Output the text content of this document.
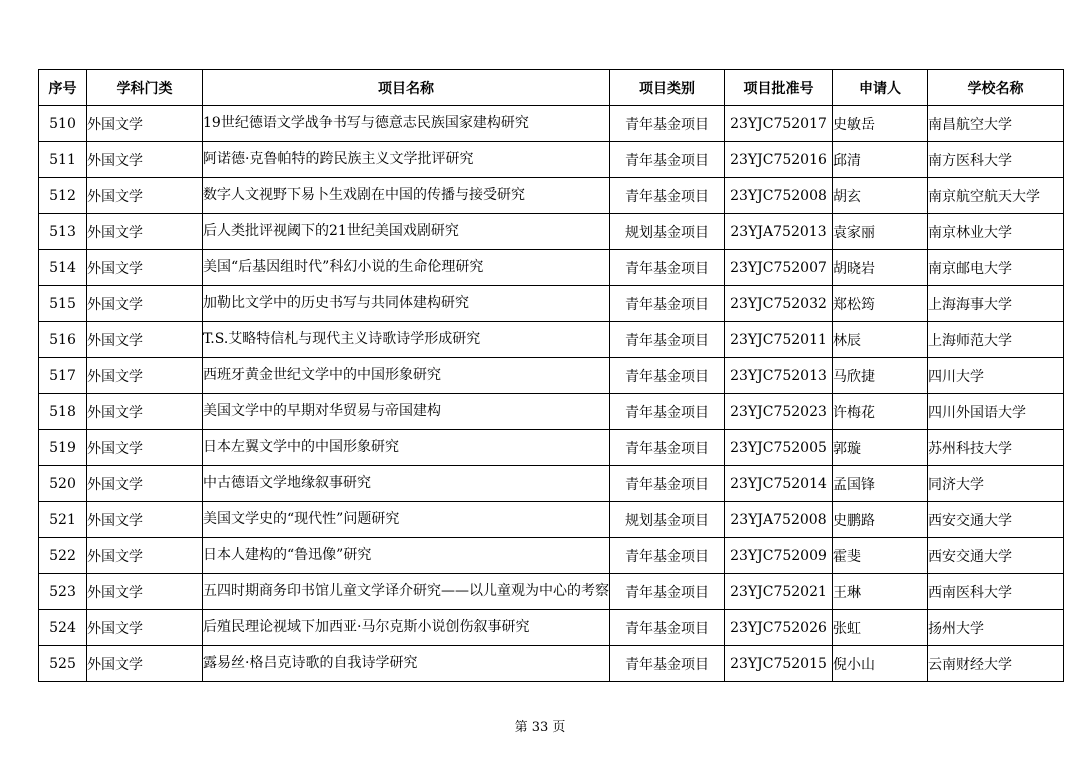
序号	学科门类	项目名称	项目类别	项目批准号	申请人	学校名称
510	外国文学	19世纪德语文学战争书写与德意志民族国家建构研究	青年基金项目	23YJC752017	史敏岳	南昌航空大学
511	外国文学	阿诺德·克鲁帕特的跨民族主义文学批评研究	青年基金项目	23YJC752016	邱清	南方医科大学
512	外国文学	数字人文视野下易卜生戏剧在中国的传播与接受研究	青年基金项目	23YJC752008	胡玄	南京航空航天大学
513	外国文学	后人类批评视阈下的21世纪美国戏剧研究	规划基金项目	23YJA752013	袁家丽	南京林业大学
514	外国文学	美国“后基因组时代”科幻小说的生命伦理研究	青年基金项目	23YJC752007	胡晓岩	南京邮电大学
515	外国文学	加勒比文学中的历史书写与共同体建构研究	青年基金项目	23YJC752032	郑松筠	上海海事大学
516	外国文学	T.S.艾略特信札与现代主义诗歌诗学形成研究	青年基金项目	23YJC752011	林辰	上海师范大学
517	外国文学	西班牙黄金世纪文学中的中国形象研究	青年基金项目	23YJC752013	马欣捷	四川大学
518	外国文学	美国文学中的早期对华贸易与帝国建构	青年基金项目	23YJC752023	许梅花	四川外国语大学
519	外国文学	日本左翼文学中的中国形象研究	青年基金项目	23YJC752005	郭璇	苏州科技大学
520	外国文学	中古德语文学地缘叙事研究	青年基金项目	23YJC752014	孟国锋	同济大学
521	外国文学	美国文学史的“现代性”问题研究	规划基金项目	23YJA752008	史鹏路	西安交通大学
522	外国文学	日本人建构的“鲁迅像”研究	青年基金项目	23YJC752009	霍斐	西安交通大学
523	外国文学	五四时期商务印书馆儿童文学译介研究——以儿童观为中心的考察	青年基金项目	23YJC752021	王琳	西南医科大学
524	外国文学	后殖民理论视域下加西亚·马尔克斯小说创伤叙事研究	青年基金项目	23YJC752026	张虹	扬州大学
525	外国文学	露易丝·格吕克诗歌的自我诗学研究	青年基金项目	23YJC752015	倪小山	云南财经大学
第 33 页
